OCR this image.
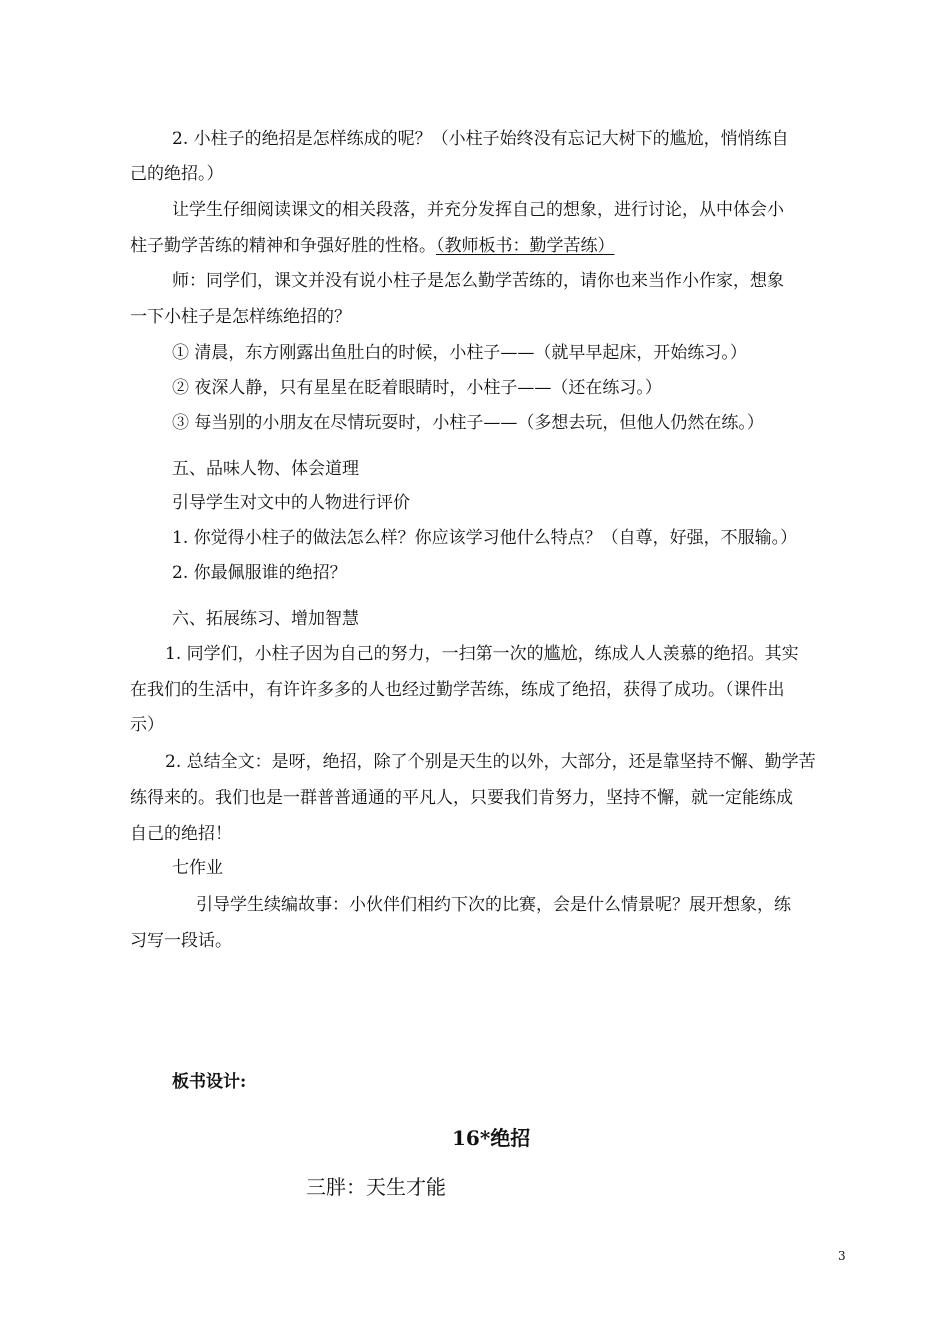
2. 小柱子的绝招是怎样练成的呢？（小柱子始终没有忘记大树下的尴尬，悄悄练自
己的绝招。）
让学生仔细阅读课文的相关段落，并充分发挥自己的想象，进行讨论，从中体会小
柱子勤学苦练的精神和争强好胜的性格。（教师板书：勤学苦练）
师：同学们，课文并没有说小柱子是怎么勤学苦练的，请你也来当作小作家，想象
一下小柱子是怎样练绝招的？
① 清晨，东方刚露出鱼肚白的时候，小柱子——（就早早起床，开始练习。）
② 夜深人静，只有星星在眨着眼睛时，小柱子——（还在练习。）
③ 每当别的小朋友在尽情玩耍时，小柱子——（多想去玩，但他人仍然在练。）
五、品味人物、体会道理
引导学生对文中的人物进行评价
1. 你觉得小柱子的做法怎么样？你应该学习他什么特点？（自尊，好强，不服输。）
2. 你最佩服谁的绝招？
六、拓展练习、增加智慧
1. 同学们，小柱子因为自己的努力，一扫第一次的尴尬，练成人人羡慕的绝招。其实
在我们的生活中，有许许多多的人也经过勤学苦练，练成了绝招，获得了成功。（课件出
示）
2. 总结全文：是呀，绝招，除了个别是天生的以外，大部分，还是靠坚持不懈、勤学苦
练得来的。我们也是一群普普通通的平凡人，只要我们肯努力，坚持不懈，就一定能练成
自己的绝招！
七作业
引导学生续编故事：小伙伴们相约下次的比赛，会是什么情景呢？展开想象，练
习写一段话。
板书设计:
16*绝招
三胖：天生才能
3
